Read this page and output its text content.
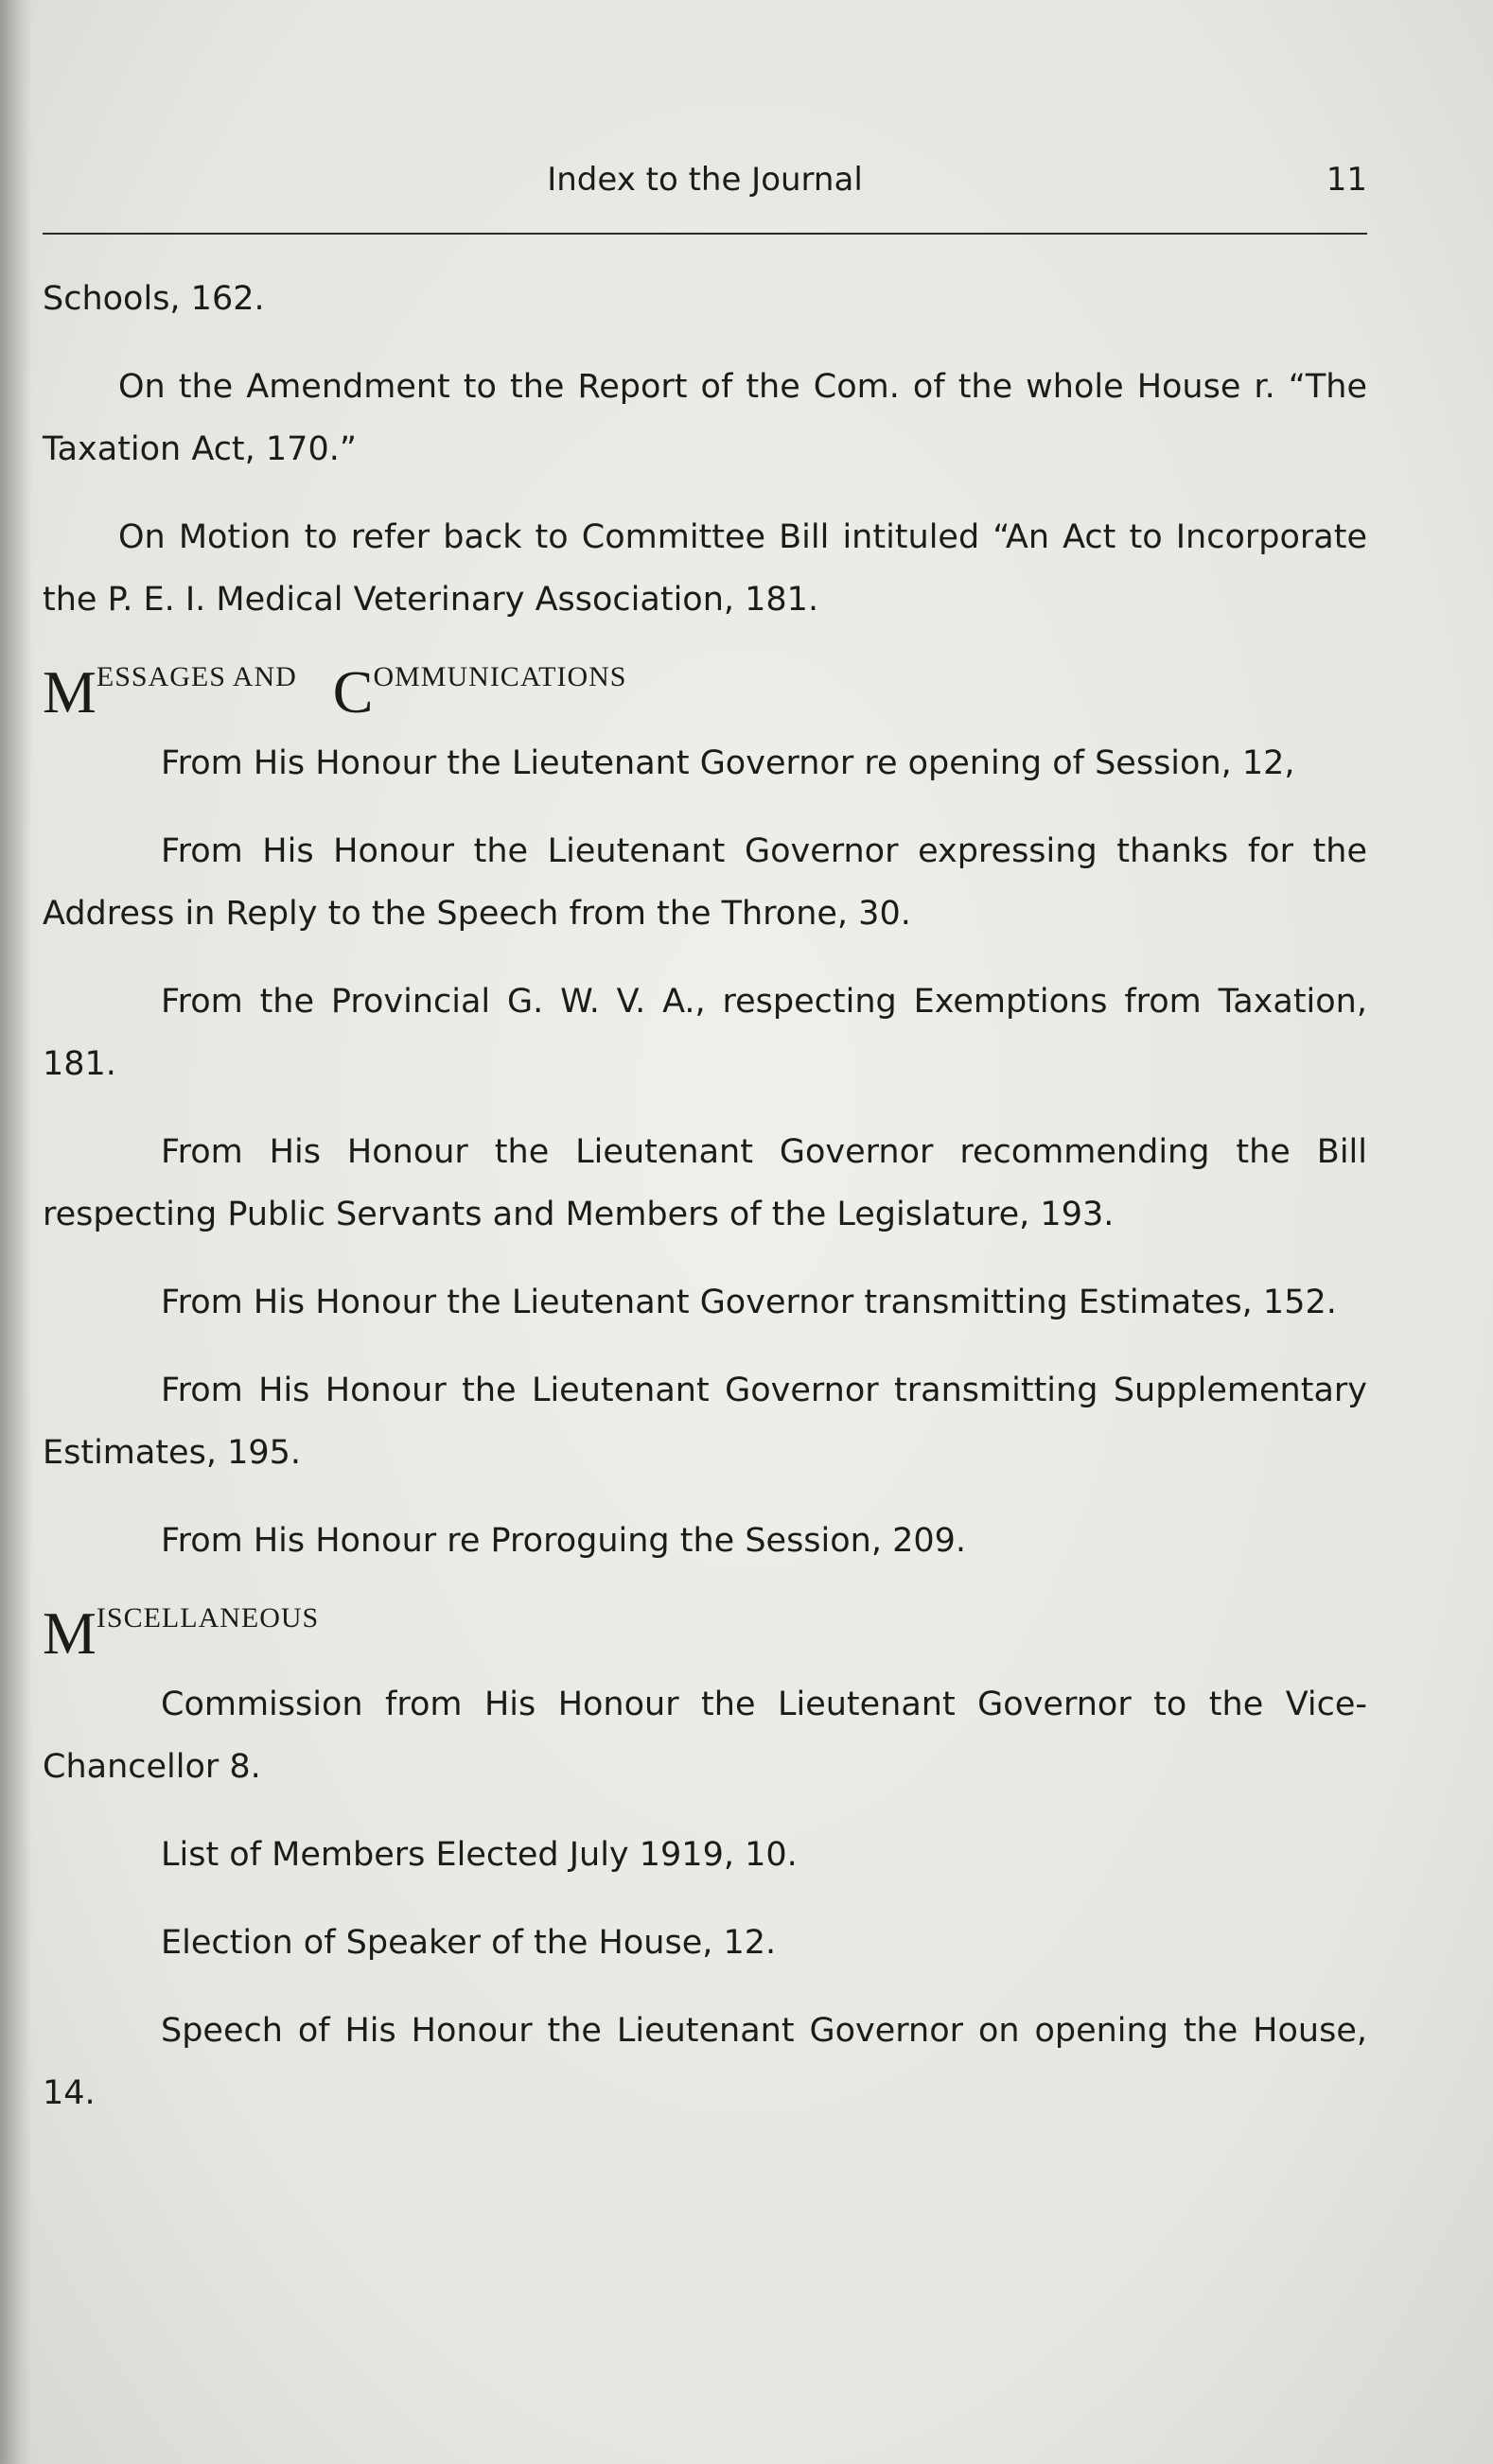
Index to the Journal	11

Schools, 162.

On the Amendment to the Report of the Com. of the whole House r. “The Taxation Act, 170.”

On Motion to refer back to Committee Bill intituled “An Act to Incorporate the P. E. I. Medical Veterinary Association, 181.

MESSAGES AND COMMUNICATIONS

From His Honour the Lieutenant Governor re opening of Session, 12,

From His Honour the Lieutenant Governor expressing thanks for the Address in Reply to the Speech from the Throne, 30.

From the Provincial G. W. V. A., respecting Exemptions from Taxation, 181.

From His Honour the Lieutenant Governor recommending the Bill respecting Public Servants and Members of the Legislature, 193.

From His Honour the Lieutenant Governor transmitting Estimates, 152.

From His Honour the Lieutenant Governor transmitting Supplementary Estimates, 195.

From His Honour re Proroguing the Session, 209.

MISCELLANEOUS

Commission from His Honour the Lieutenant Governor to the Vice-Chancellor 8.

List of Members Elected July 1919, 10.

Election of Speaker of the House, 12.

Speech of His Honour the Lieutenant Governor on opening the House, 14.
